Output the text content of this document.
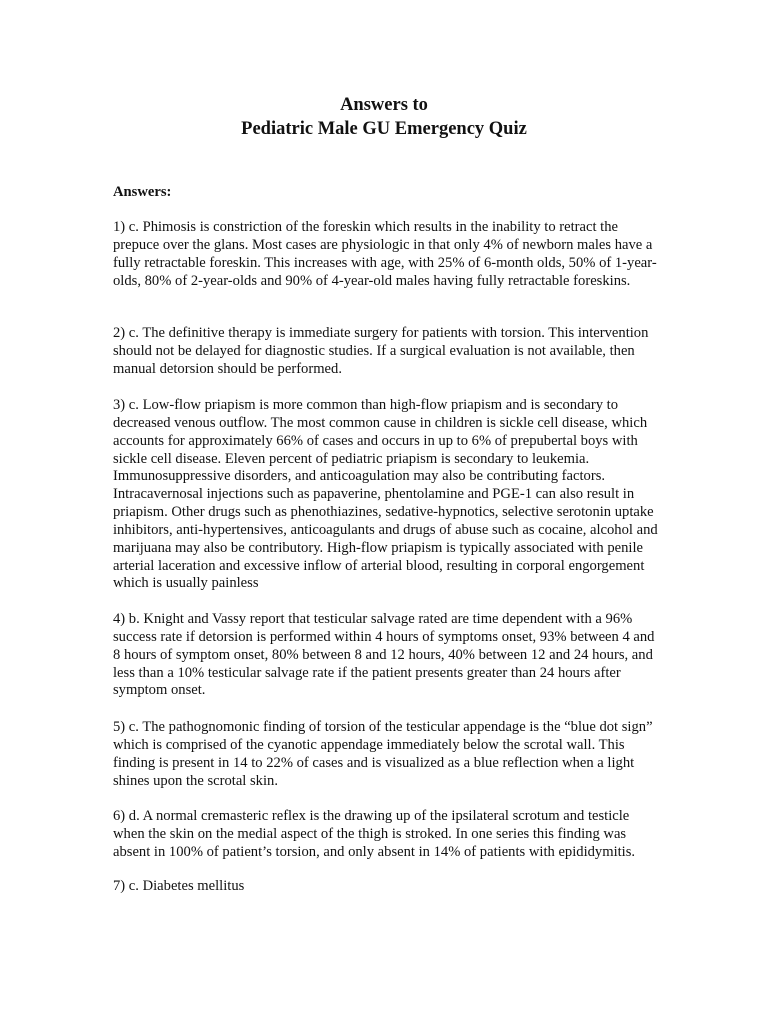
Answers to
Pediatric Male GU Emergency Quiz
Answers:

1) c. Phimosis is constriction of the foreskin which results in the inability to retract the prepuce over the glans. Most cases are physiologic in that only 4% of newborn males have a fully retractable foreskin. This increases with age, with 25% of 6-month olds, 50% of 1-year-olds, 80% of 2-year-olds and 90% of 4-year-old males having fully retractable foreskins.

2) c. The definitive therapy is immediate surgery for patients with torsion. This intervention should not be delayed for diagnostic studies. If a surgical evaluation is not available, then manual detorsion should be performed.

3) c. Low-flow priapism is more common than high-flow priapism and is secondary to decreased venous outflow. The most common cause in children is sickle cell disease, which accounts for approximately 66% of cases and occurs in up to 6% of prepubertal boys with sickle cell disease. Eleven percent of pediatric priapism is secondary to leukemia. Immunosuppressive disorders, and anticoagulation may also be contributing factors. Intracavernosal injections such as papaverine, phentolamine and PGE-1 can also result in priapism. Other drugs such as phenothiazines, sedative-hypnotics, selective serotonin uptake inhibitors, anti-hypertensives, anticoagulants and drugs of abuse such as cocaine, alcohol and marijuana may also be contributory. High-flow priapism is typically associated with penile arterial laceration and excessive inflow of arterial blood, resulting in corporal engorgement which is usually painless

4) b. Knight and Vassy report that testicular salvage rated are time dependent with a 96% success rate if detorsion is performed within 4 hours of symptoms onset, 93% between 4 and 8 hours of symptom onset, 80% between 8 and 12 hours, 40% between 12 and 24 hours, and less than a 10% testicular salvage rate if the patient presents greater than 24 hours after symptom onset.

5) c. The pathognomonic finding of torsion of the testicular appendage is the “blue dot sign” which is comprised of the cyanotic appendage immediately below the scrotal wall. This finding is present in 14 to 22% of cases and is visualized as a blue reflection when a light shines upon the scrotal skin.

6) d. A normal cremasteric reflex is the drawing up of the ipsilateral scrotum and testicle when the skin on the medial aspect of the thigh is stroked. In one series this finding was absent in 100% of patient’s torsion, and only absent in 14% of patients with epididymitis.

7) c. Diabetes mellitus
